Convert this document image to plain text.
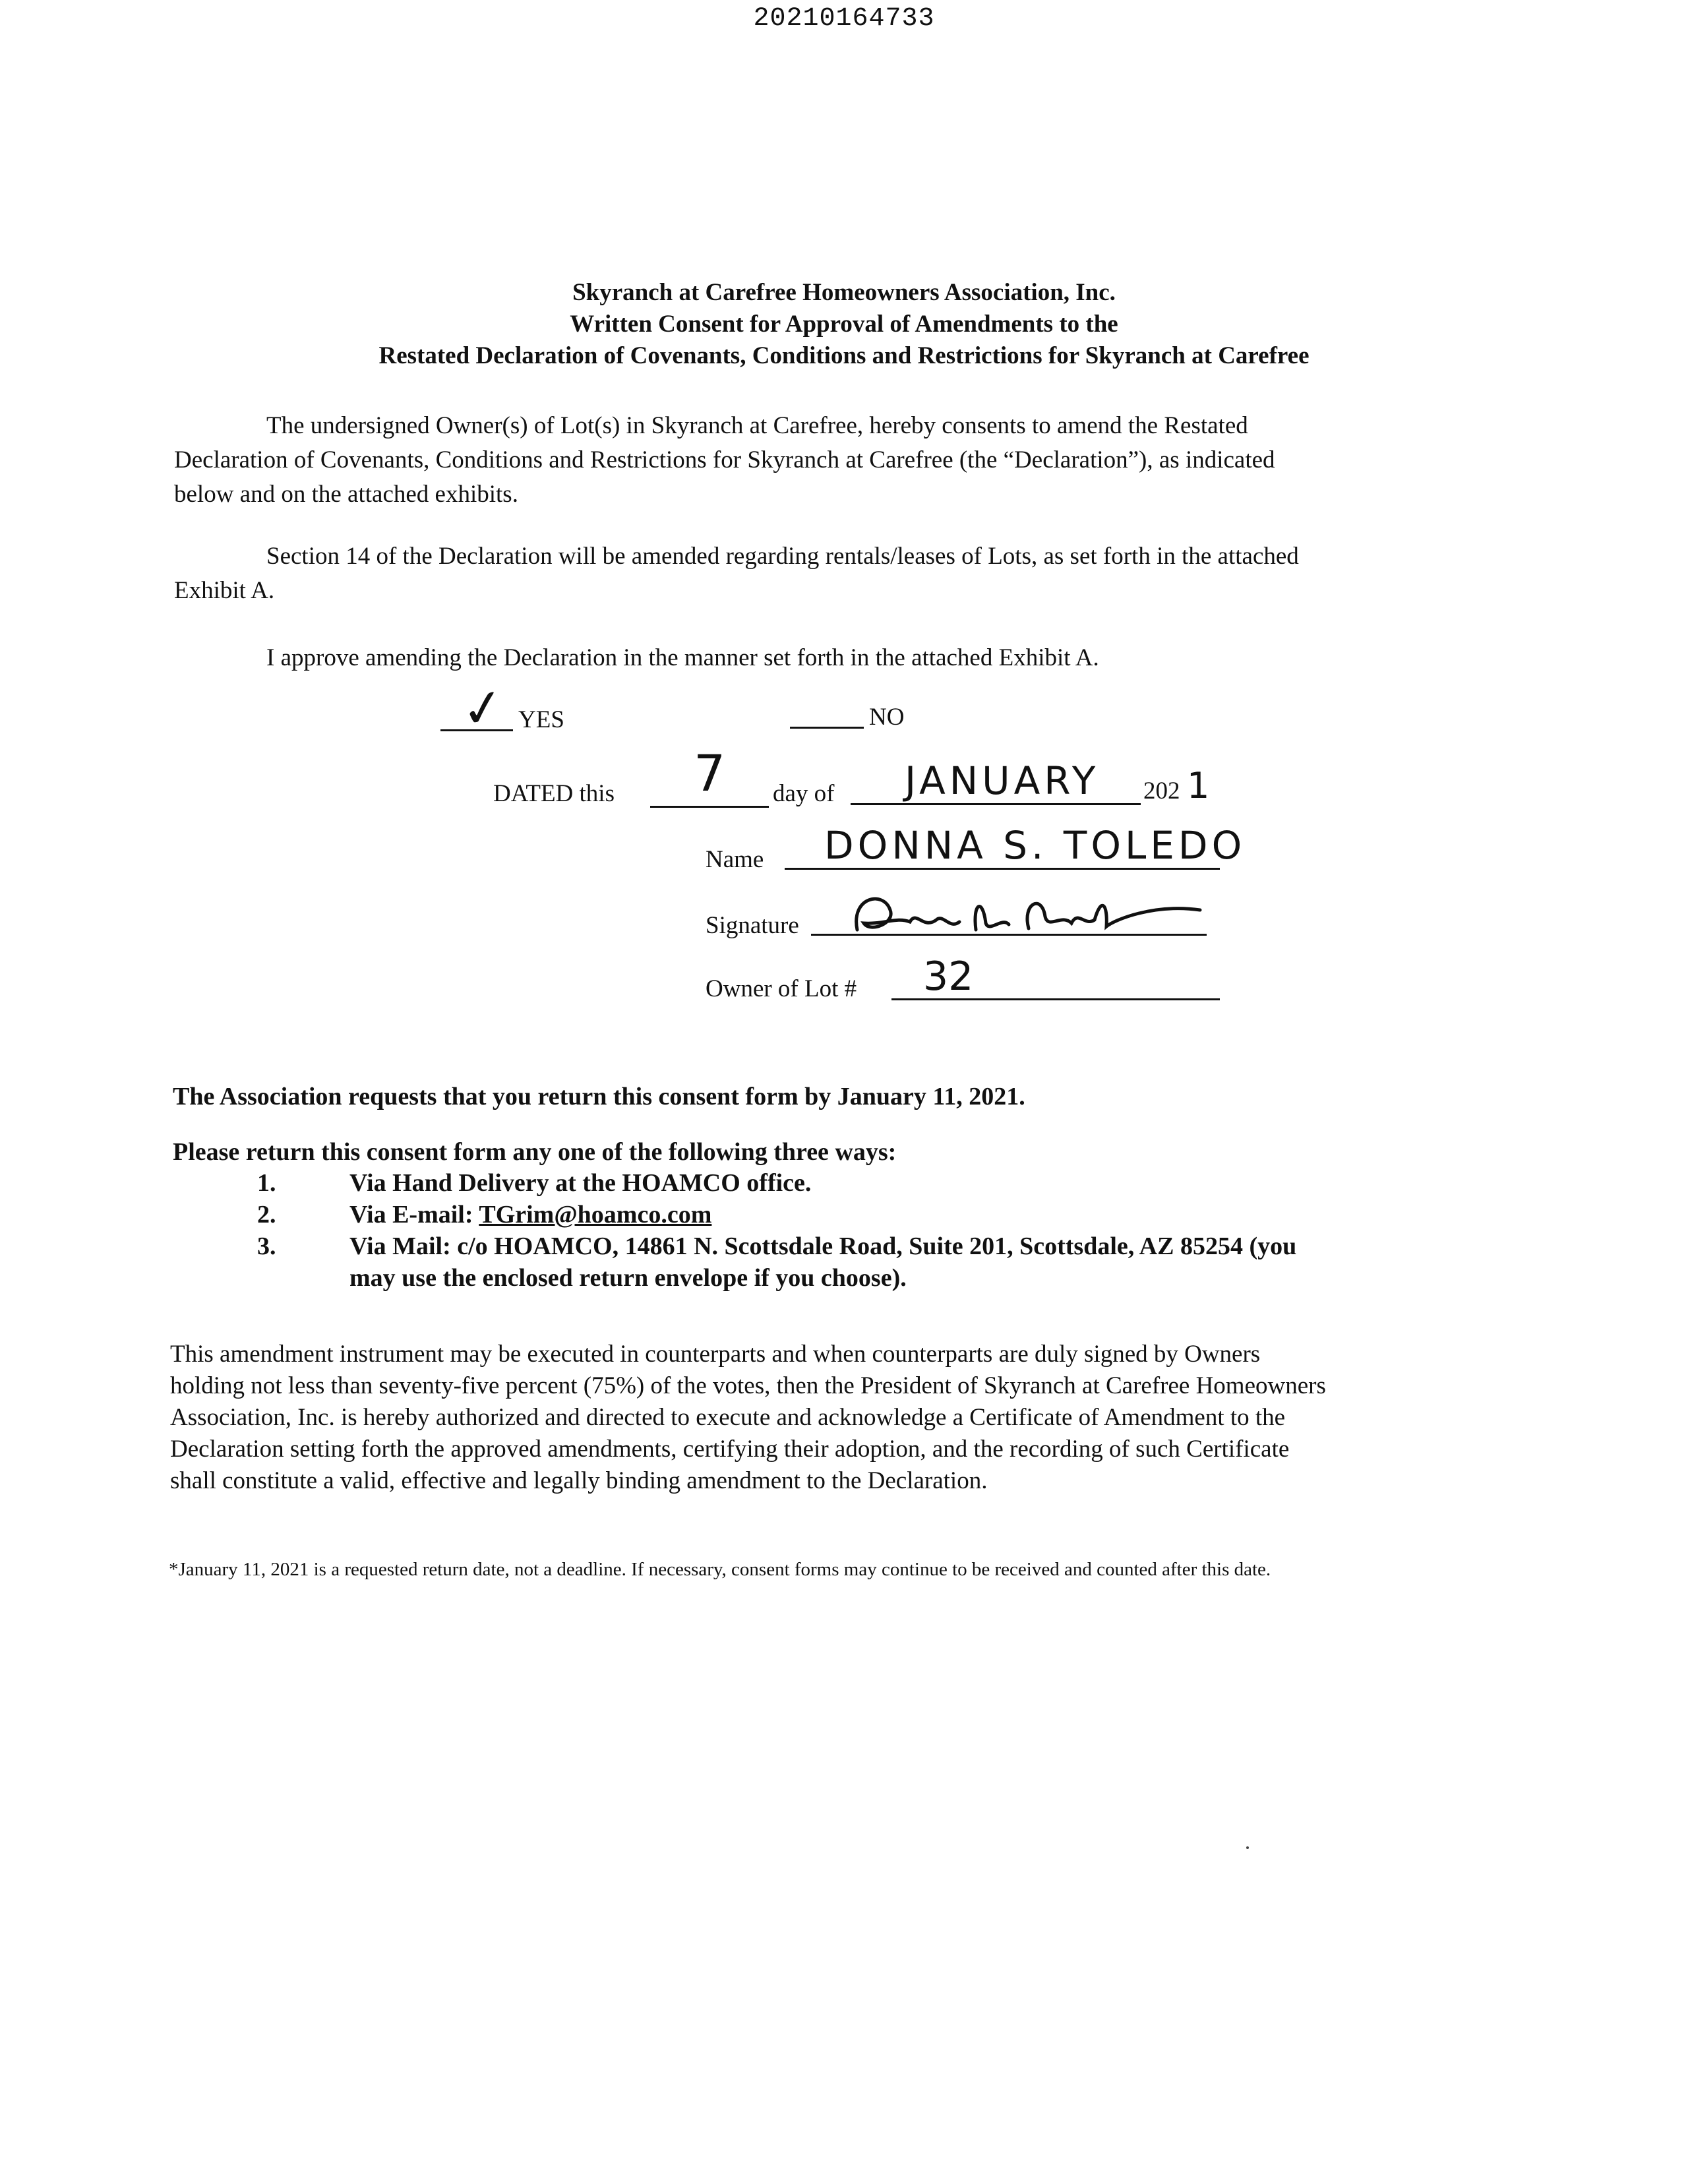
20210164733
Skyranch at Carefree Homeowners Association, Inc.
Written Consent for Approval of Amendments to the
Restated Declaration of Covenants, Conditions and Restrictions for Skyranch at Carefree
The undersigned Owner(s) of Lot(s) in Skyranch at Carefree, hereby consents to amend the Restated Declaration of Covenants, Conditions and Restrictions for Skyranch at Carefree (the “Declaration”), as indicated below and on the attached exhibits.
Section 14 of the Declaration will be amended regarding rentals/leases of Lots, as set forth in the attached Exhibit A.
I approve amending the Declaration in the manner set forth in the attached Exhibit A.
✓ YES	NO
DATED this 7 day of JANUARY 202 1
Name DONNA S. TOLEDO
Signature
Owner of Lot # 32
The Association requests that you return this consent form by January 11, 2021.
Please return this consent form any one of the following three ways:
1.	Via Hand Delivery at the HOAMCO office.
2.	Via E-mail: TGrim@hoamco.com
3.	Via Mail: c/o HOAMCO, 14861 N. Scottsdale Road, Suite 201, Scottsdale, AZ 85254 (you may use the enclosed return envelope if you choose).
This amendment instrument may be executed in counterparts and when counterparts are duly signed by Owners holding not less than seventy-five percent (75%) of the votes, then the President of Skyranch at Carefree Homeowners Association, Inc. is hereby authorized and directed to execute and acknowledge a Certificate of Amendment to the Declaration setting forth the approved amendments, certifying their adoption, and the recording of such Certificate shall constitute a valid, effective and legally binding amendment to the Declaration.
*January 11, 2021 is a requested return date, not a deadline. If necessary, consent forms may continue to be received and counted after this date.
